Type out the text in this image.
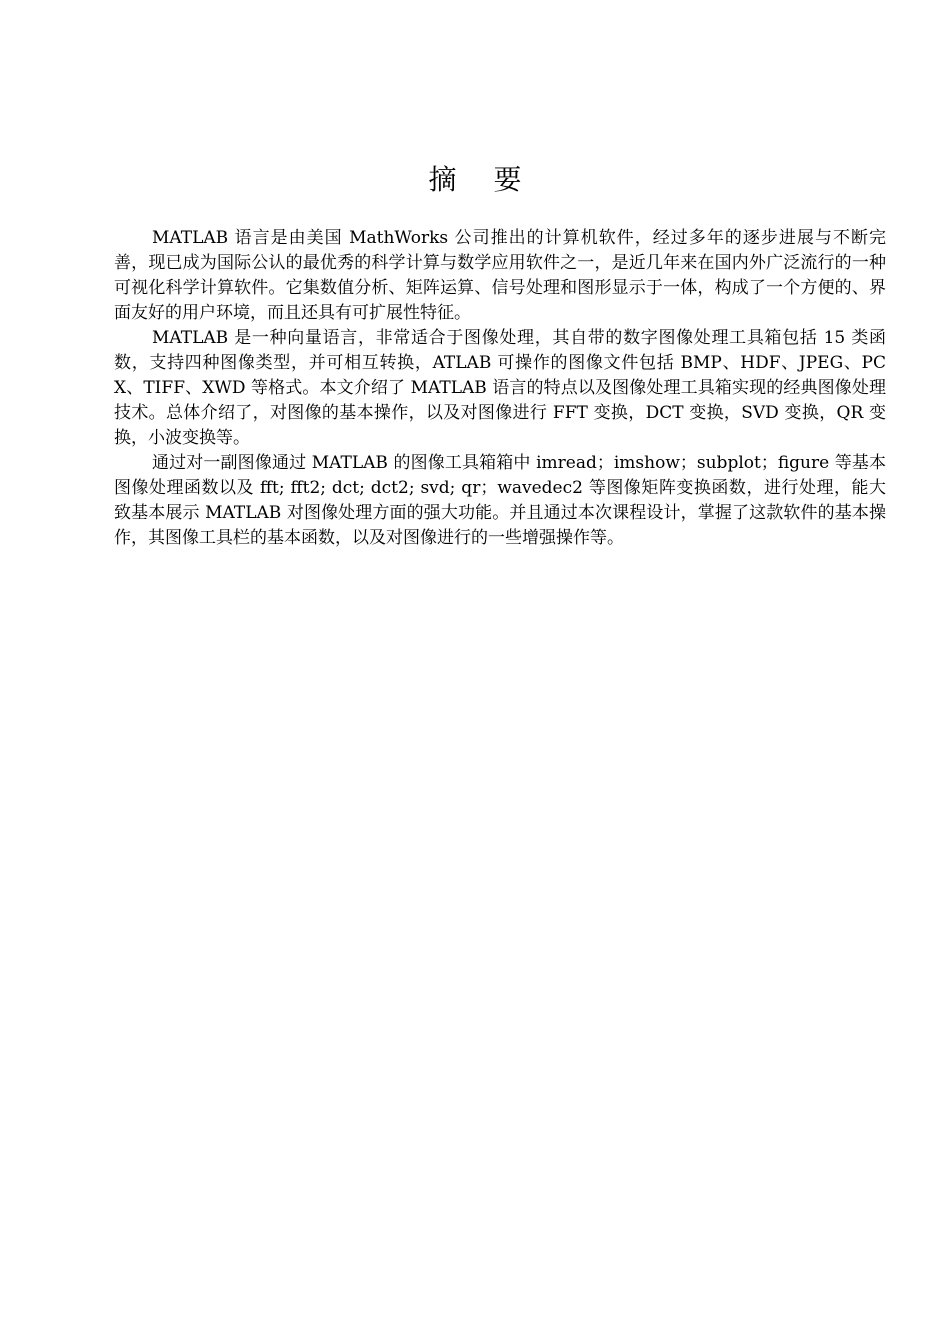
摘 要

MATLAB 语言是由美国 MathWorks 公司推出的计算机软件，经过多年的逐步进展与不断完善，现已成为国际公认的最优秀的科学计算与数学应用软件之一，是近几年来在国内外广泛流行的一种可视化科学计算软件。它集数值分析、矩阵运算、信号处理和图形显示于一体，构成了一个方便的、界面友好的用户环境，而且还具有可扩展性特征。

MATLAB 是一种向量语言，非常适合于图像处理，其自带的数字图像处理工具箱包括 15 类函数，支持四种图像类型，并可相互转换，ATLAB 可操作的图像文件包括 BMP、HDF、JPEG、PCX、TIFF、XWD 等格式。本文介绍了 MATLAB 语言的特点以及图像处理工具箱实现的经典图像处理技术。总体介绍了，对图像的基本操作，以及对图像进行 FFT 变换，DCT 变换，SVD 变换，QR 变换，小波变换等。

通过对一副图像通过 MATLAB 的图像工具箱箱中 imread；imshow；subplot；figure 等基本图像处理函数以及 fft; fft2; dct; dct2; svd; qr；wavedec2 等图像矩阵变换函数，进行处理，能大致基本展示 MATLAB 对图像处理方面的强大功能。并且通过本次课程设计，掌握了这款软件的基本操作，其图像工具栏的基本函数，以及对图像进行的一些增强操作等。
